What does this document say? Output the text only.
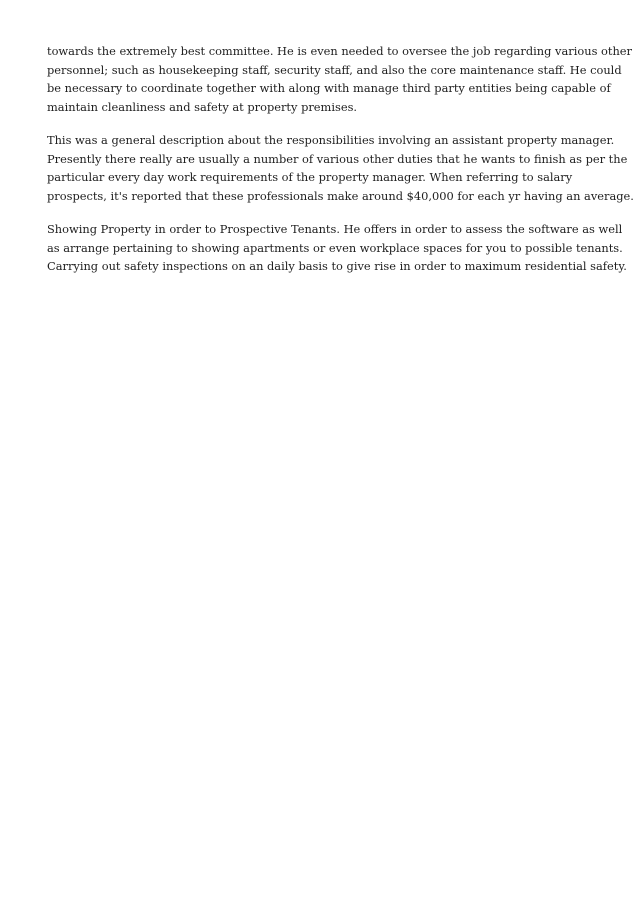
towards the extremely best committee. He is even needed to oversee the job regarding various other
personnel; such as housekeeping staff, security staff, and also the core maintenance staff. He could
be necessary to coordinate together with along with manage third party entities being capable of
maintain cleanliness and safety at property premises.

This was a general description about the responsibilities involving an assistant property manager.
Presently there really are usually a number of various other duties that he wants to finish as per the
particular every day work requirements of the property manager. When referring to salary
prospects, it's reported that these professionals make around $40,000 for each yr having an average.

Showing Property in order to Prospective Tenants. He offers in order to assess the software as well
as arrange pertaining to showing apartments or even workplace spaces for you to possible tenants.
Carrying out safety inspections on an daily basis to give rise in order to maximum residential safety.
